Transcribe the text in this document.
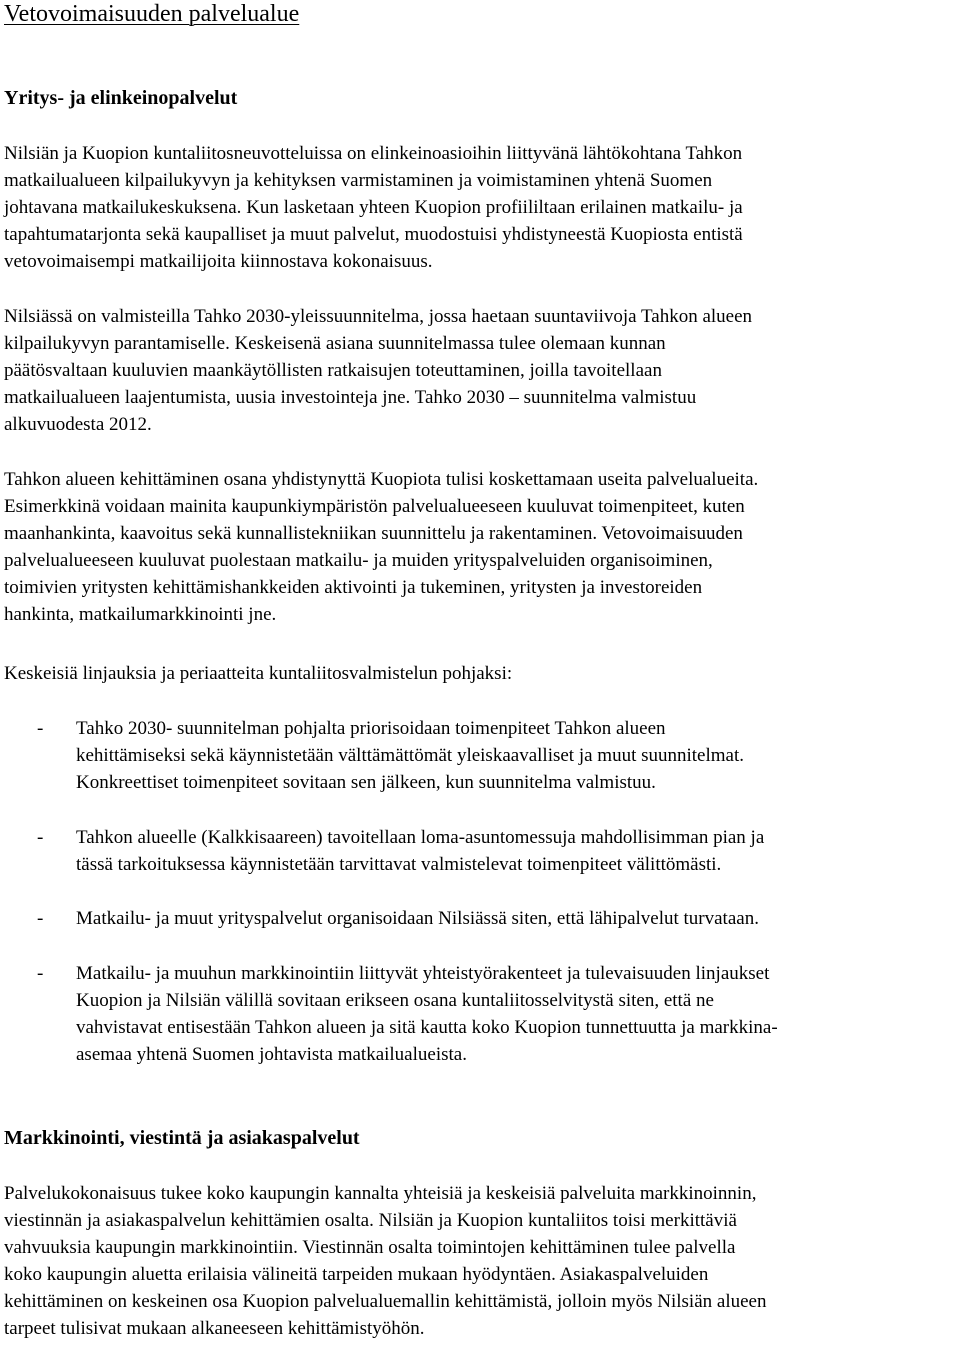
Vetovoimaisuuden palvelualue
Yritys- ja elinkeinopalvelut
Nilsiän ja Kuopion kuntaliitosneuvotteluissa on elinkeinoasioihin liittyvänä lähtökohtana Tahkon
matkailualueen kilpailukyvyn ja kehityksen varmistaminen ja voimistaminen yhtenä Suomen
johtavana matkailukeskuksena. Kun lasketaan yhteen Kuopion profiililtaan erilainen matkailu- ja
tapahtumatarjonta sekä kaupalliset ja muut palvelut, muodostuisi yhdistyneestä Kuopiosta entistä
vetovoimaisempi matkailijoita kiinnostava kokonaisuus.
Nilsiässä on valmisteilla Tahko 2030-yleissuunnitelma, jossa haetaan suuntaviivoja Tahkon alueen
kilpailukyvyn parantamiselle. Keskeisenä asiana suunnitelmassa tulee olemaan kunnan
päätösvaltaan kuuluvien maankäytöllisten ratkaisujen toteuttaminen, joilla tavoitellaan
matkailualueen laajentumista, uusia investointeja jne. Tahko 2030 – suunnitelma valmistuu
alkuvuodesta 2012.
Tahkon alueen kehittäminen osana yhdistynyttä Kuopiota tulisi koskettamaan useita palvelualueita.
Esimerkkinä voidaan mainita kaupunkiympäristön palvelualueeseen kuuluvat toimenpiteet, kuten
maanhankinta, kaavoitus sekä kunnallistekniikan suunnittelu ja rakentaminen. Vetovoimaisuuden
palvelualueeseen kuuluvat puolestaan matkailu- ja muiden yrityspalveluiden organisoiminen,
toimivien yritysten kehittämishankkeiden aktivointi ja tukeminen, yritysten ja investoreiden
hankinta, matkailumarkkinointi jne.
Keskeisiä linjauksia ja periaatteita kuntaliitosvalmistelun pohjaksi:
- Tahko 2030- suunnitelman pohjalta priorisoidaan toimenpiteet Tahkon alueen
kehittämiseksi sekä käynnistetään välttämättömät yleiskaavalliset ja muut suunnitelmat.
Konkreettiset toimenpiteet sovitaan sen jälkeen, kun suunnitelma valmistuu.
- Tahkon alueelle (Kalkkisaareen) tavoitellaan loma-asuntomessuja mahdollisimman pian ja
tässä tarkoituksessa käynnistetään tarvittavat valmistelevat toimenpiteet välittömästi.
- Matkailu- ja muut yrityspalvelut organisoidaan Nilsiässä siten, että lähipalvelut turvataan.
- Matkailu- ja muuhun markkinointiin liittyvät yhteistyörakenteet ja tulevaisuuden linjaukset
Kuopion ja Nilsiän välillä sovitaan erikseen osana kuntaliitosselvitystä siten, että ne
vahvistavat entisestään Tahkon alueen ja sitä kautta koko Kuopion tunnettuutta ja markkina-
asemaa yhtenä Suomen johtavista matkailualueista.
Markkinointi, viestintä ja asiakaspalvelut
Palvelukokonaisuus tukee koko kaupungin kannalta yhteisiä ja keskeisiä palveluita markkinoinnin,
viestinnän ja asiakaspalvelun kehittämien osalta. Nilsiän ja Kuopion kuntaliitos toisi merkittäviä
vahvuuksia kaupungin markkinointiin. Viestinnän osalta toimintojen kehittäminen tulee palvella
koko kaupungin aluetta erilaisia välineitä tarpeiden mukaan hyödyntäen. Asiakaspalveluiden
kehittäminen on keskeinen osa Kuopion palvelualuemallin kehittämistä, jolloin myös Nilsiän alueen
tarpeet tulisivat mukaan alkaneeseen kehittämistyöhön.
